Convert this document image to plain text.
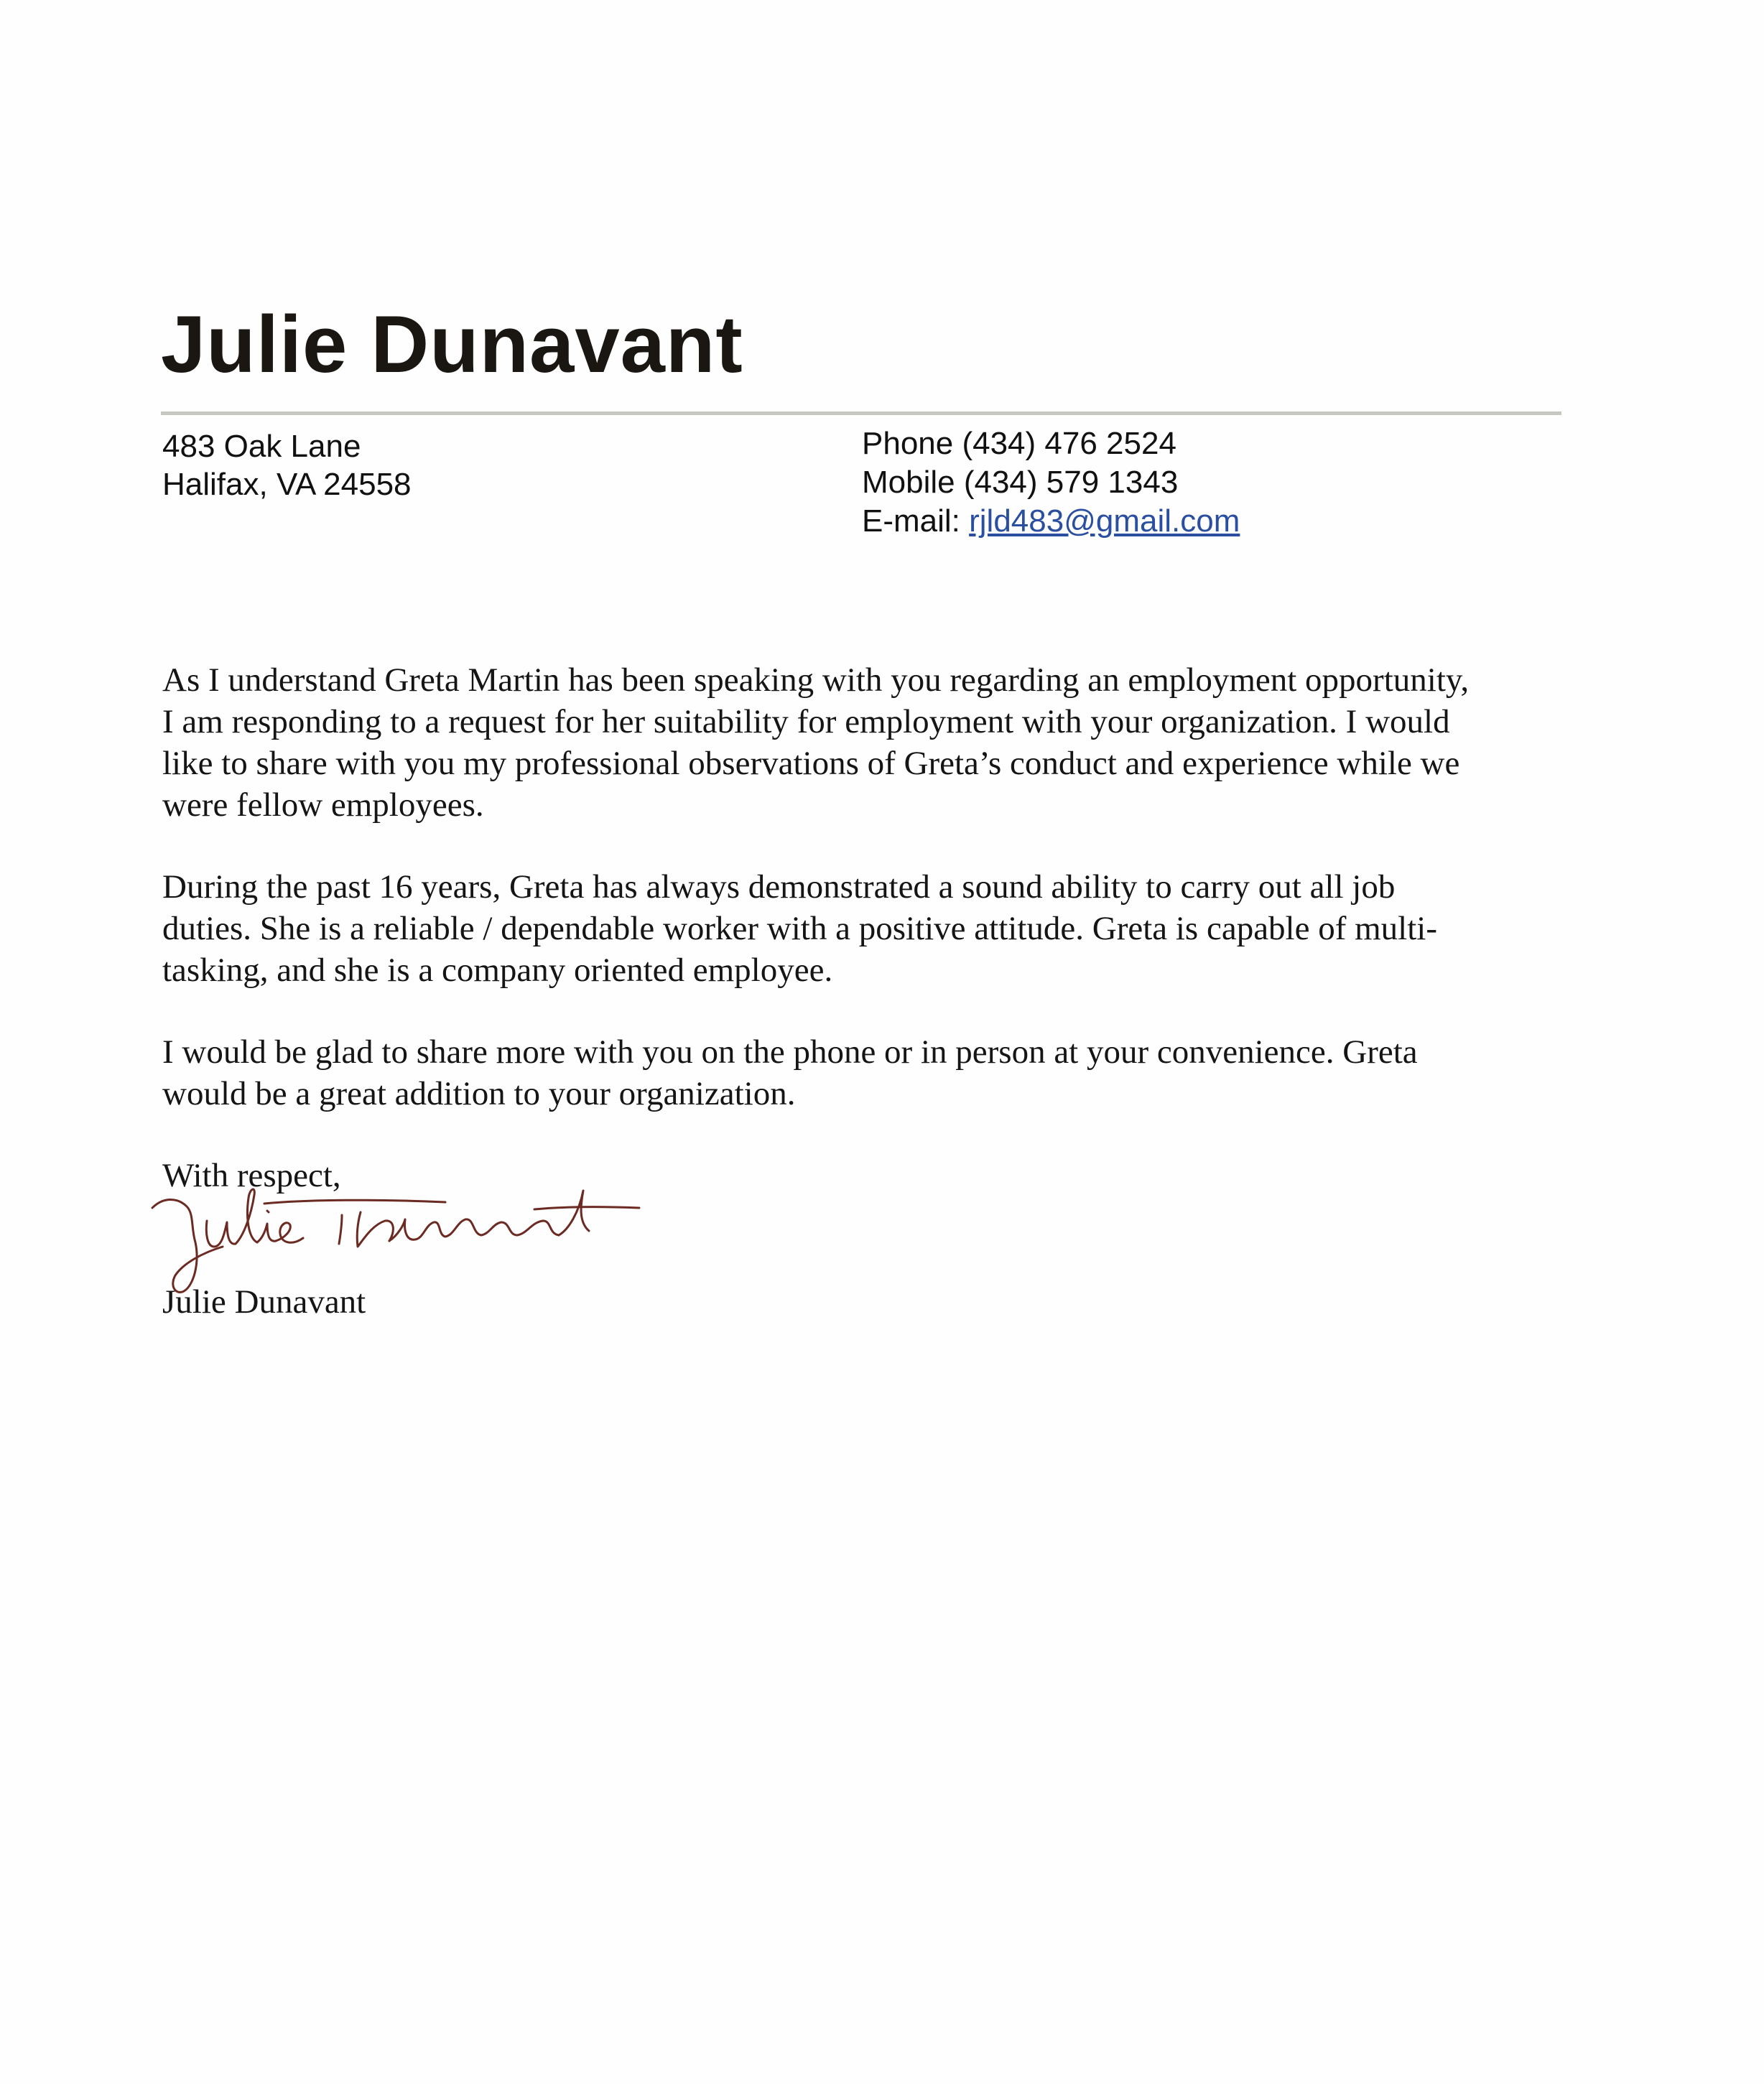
Julie Dunavant
483 Oak Lane
Halifax, VA 24558
Phone (434) 476 2524
Mobile (434) 579 1343
E-mail: rjld483@gmail.com

As I understand Greta Martin has been speaking with you regarding an employment opportunity,
I am responding to a request for her suitability for employment with your organization. I would
like to share with you my professional observations of Greta’s conduct and experience while we
were fellow employees.

During the past 16 years, Greta has always demonstrated a sound ability to carry out all job
duties. She is a reliable / dependable worker with a positive attitude. Greta is capable of multi-
tasking, and she is a company oriented employee.

I would be glad to share more with you on the phone or in person at your convenience. Greta
would be a great addition to your organization.

With respect,
Julie Dunavant
